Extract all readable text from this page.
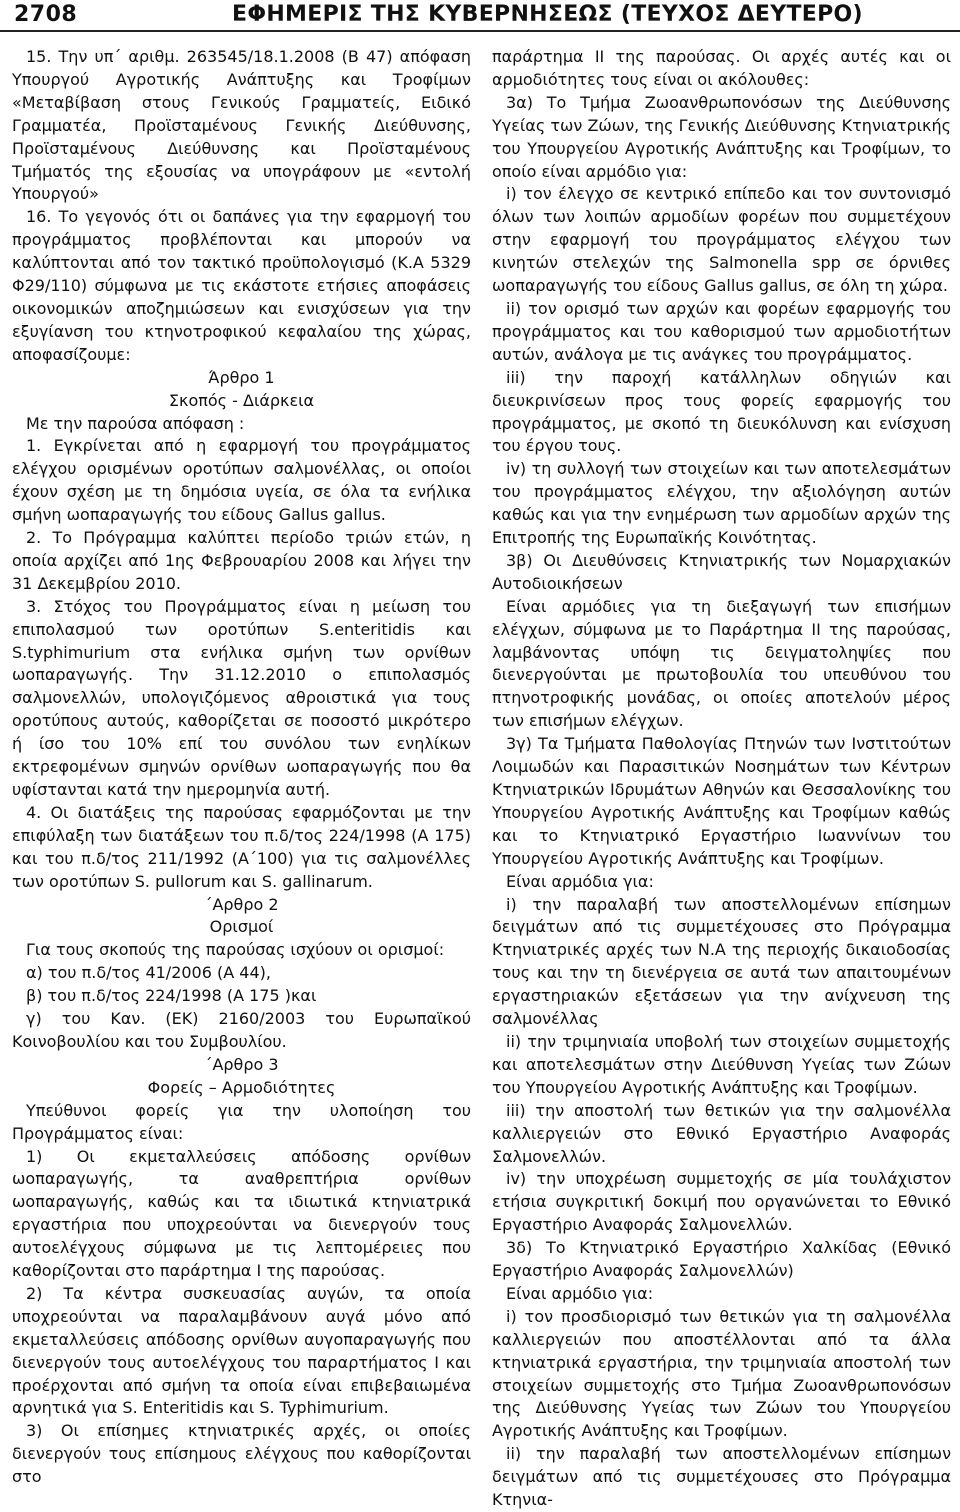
2708	ΕΦΗΜΕΡΙΣ ΤΗΣ ΚΥΒΕΡΝΗΣΕΩΣ (ΤΕΥΧΟΣ ΔΕΥΤΕΡΟ)

15. Την υπ΄ αριθμ. 263545/18.1.2008 (Β 47) απόφαση Υπουργού Αγροτικής Ανάπτυξης και Τροφίμων «Μεταβίβαση στους Γενικούς Γραμματείς, Ειδικό Γραμματέα, Προϊσταμένους Γενικής Διεύθυνσης, Προϊσταμένους Διεύθυνσης και Προϊσταμένους Τμήματός της εξουσίας να υπογράφουν με «εντολή Υπουργού»

16. Το γεγονός ότι οι δαπάνες για την εφαρμογή του προγράμματος προβλέπονται και μπορούν να καλύπτονται από τον τακτικό προϋπολογισμό (Κ.Α 5329 Φ29/110) σύμφωνα με τις εκάστοτε ετήσιες αποφάσεις οικονομικών αποζημιώσεων και ενισχύσεων για την εξυγίανση του κτηνοτροφικού κεφαλαίου της χώρας, αποφασίζουμε:

Άρθρο 1

Σκοπός - Διάρκεια

Με την παρούσα απόφαση :

1. Εγκρίνεται από η εφαρμογή του προγράμματος ελέγχου ορισμένων οροτύπων σαλμονέλλας, οι οποίοι έχουν σχέση με τη δημόσια υγεία, σε όλα τα ενήλικα σμήνη ωοπαραγωγής του είδους Gallus gallus.

2. Το Πρόγραμμα καλύπτει περίοδο τριών ετών, η οποία αρχίζει από 1ης Φεβρουαρίου 2008 και λήγει την 31 Δεκεμβρίου 2010.

3. Στόχος του Προγράμματος είναι η μείωση του επιπολασμού των οροτύπων S.enteritidis και S.typhimurium στα ενήλικα σμήνη των ορνίθων ωοπαραγωγής. Την 31.12.2010 ο επιπολασμός σαλμονελλών, υπολογιζόμενος αθροιστικά για τους οροτύπους αυτούς, καθορίζεται σε ποσοστό μικρότερο ή ίσο του 10% επί του συνόλου των ενηλίκων εκτρεφομένων σμηνών ορνίθων ωοπαραγωγής που θα υφίστανται κατά την ημερομηνία αυτή.

4. Οι διατάξεις της παρούσας εφαρμόζονται με την επιφύλαξη των διατάξεων του π.δ/τος 224/1998 (Α 175) και του π.δ/τος 211/1992 (Α΄100) για τις σαλμονέλλες των οροτύπων S. pullorum και S. gallinarum.

΄Αρθρο 2

Ορισμοί

Για τους σκοπούς της παρούσας ισχύουν οι ορισμοί:

α) του π.δ/τος 41/2006 (Α 44),

β) του π.δ/τος 224/1998 (Α 175 )και

γ) του Καν. (ΕΚ) 2160/2003 του Ευρωπαϊκού Κοινοβουλίου και του Συμβουλίου.

΄Αρθρο 3

Φορείς – Αρμοδιότητες

Υπεύθυνοι φορείς για την υλοποίηση του Προγράμματος είναι:

1) Οι εκμεταλλεύσεις απόδοσης ορνίθων ωοπαραγωγής, τα αναθρεπτήρια ορνίθων ωοπαραγωγής, καθώς και τα ιδιωτικά κτηνιατρικά εργαστήρια που υποχρεούνται να διενεργούν τους αυτοελέγχους σύμφωνα με τις λεπτομέρειες που καθορίζονται στο παράρτημα Ι της παρούσας.

2) Τα κέντρα συσκευασίας αυγών, τα οποία υποχρεούνται να παραλαμβάνουν αυγά μόνο από εκμεταλλεύσεις απόδοσης ορνίθων αυγοπαραγωγής που διενεργούν τους αυτοελέγχους του παραρτήματος Ι και προέρχονται από σμήνη τα οποία είναι επιβεβαιωμένα αρνητικά για S. Enteritidis και S. Typhimurium.

3) Οι επίσημες κτηνιατρικές αρχές, οι οποίες διενεργούν τους επίσημους ελέγχους που καθορίζονται στο

παράρτημα ΙΙ της παρούσας. Οι αρχές αυτές και οι αρμοδιότητες τους είναι οι ακόλουθες:

3α) Το Τμήμα Ζωοανθρωπονόσων της Διεύθυνσης Υγείας των Ζώων, της Γενικής Διεύθυνσης Κτηνιατρικής του Υπουργείου Αγροτικής Ανάπτυξης και Τροφίμων, το οποίο είναι αρμόδιο για:

i) τον έλεγχο σε κεντρικό επίπεδο και τον συντονισμό όλων των λοιπών αρμοδίων φορέων που συμμετέχουν στην εφαρμογή του προγράμματος ελέγχου των κινητών στελεχών της Salmonella spp σε όρνιθες ωοπαραγωγής του είδους Gallus gallus, σε όλη τη χώρα.

ii) τον ορισμό των αρχών και φορέων εφαρμογής του προγράμματος και του καθορισμού των αρμοδιοτήτων αυτών, ανάλογα με τις ανάγκες του προγράμματος.

iii) την παροχή κατάλληλων οδηγιών και διευκρινίσεων προς τους φορείς εφαρμογής του προγράμματος, με σκοπό τη διευκόλυνση και ενίσχυση του έργου τους.

iv) τη συλλογή των στοιχείων και των αποτελεσμάτων του προγράμματος ελέγχου, την αξιολόγηση αυτών καθώς και για την ενημέρωση των αρμοδίων αρχών της Επιτροπής της Ευρωπαϊκής Κοινότητας.

3β) Οι Διευθύνσεις Κτηνιατρικής των Νομαρχιακών Αυτοδιοικήσεων

Είναι αρμόδιες για τη διεξαγωγή των επισήμων ελέγχων, σύμφωνα με το Παράρτημα ΙΙ της παρούσας, λαμβάνοντας υπόψη τις δειγματοληψίες που διενεργούνται με πρωτοβουλία του υπευθύνου του πτηνοτροφικής μονάδας, οι οποίες αποτελούν μέρος των επισήμων ελέγχων.

3γ) Τα Τμήματα Παθολογίας Πτηνών των Ινστιτούτων Λοιμωδών και Παρασιτικών Νοσημάτων των Κέντρων Κτηνιατρικών Ιδρυμάτων Αθηνών και Θεσσαλονίκης του Υπουργείου Αγροτικής Ανάπτυξης και Τροφίμων καθώς και το Κτηνιατρικό Εργαστήριο Ιωαννίνων του Υπουργείου Αγροτικής Ανάπτυξης και Τροφίμων.

Είναι αρμόδια για:

i) την παραλαβή των αποστελλομένων επίσημων δειγμάτων από τις συμμετέχουσες στο Πρόγραμμα Κτηνιατρικές αρχές των Ν.Α της περιοχής δικαιοδοσίας τους και την τη διενέργεια σε αυτά των απαιτουμένων εργαστηριακών εξετάσεων για την ανίχνευση της σαλμονέλλας

ii) την τριμηνιαία υποβολή των στοιχείων συμμετοχής και αποτελεσμάτων στην Διεύθυνση Υγείας των Ζώων του Υπουργείου Αγροτικής Ανάπτυξης και Τροφίμων.

iii) την αποστολή των θετικών για την σαλμονέλλα καλλιεργειών στο Εθνικό Εργαστήριο Αναφοράς Σαλμονελλών.

iv) την υποχρέωση συμμετοχής σε μία τουλάχιστον ετήσια συγκριτική δοκιμή που οργανώνεται το Εθνικό Εργαστήριο Αναφοράς Σαλμονελλών.

3δ) Το Κτηνιατρικό Εργαστήριο Χαλκίδας (Εθνικό Εργαστήριο Αναφοράς Σαλμονελλών)

Είναι αρμόδιο για:

i) τον προσδιορισμό των θετικών για τη σαλμονέλλα καλλιεργειών που αποστέλλονται από τα άλλα κτηνιατρικά εργαστήρια, την τριμηνιαία αποστολή των στοιχείων συμμετοχής στο Τμήμα Ζωοανθρωπονόσων της Διεύθυνσης Υγείας των Ζώων του Υπουργείου Αγροτικής Ανάπτυξης και Τροφίμων.

ii) την παραλαβή των αποστελλομένων επίσημων δειγμάτων από τις συμμετέχουσες στο Πρόγραμμα Κτηνια-
